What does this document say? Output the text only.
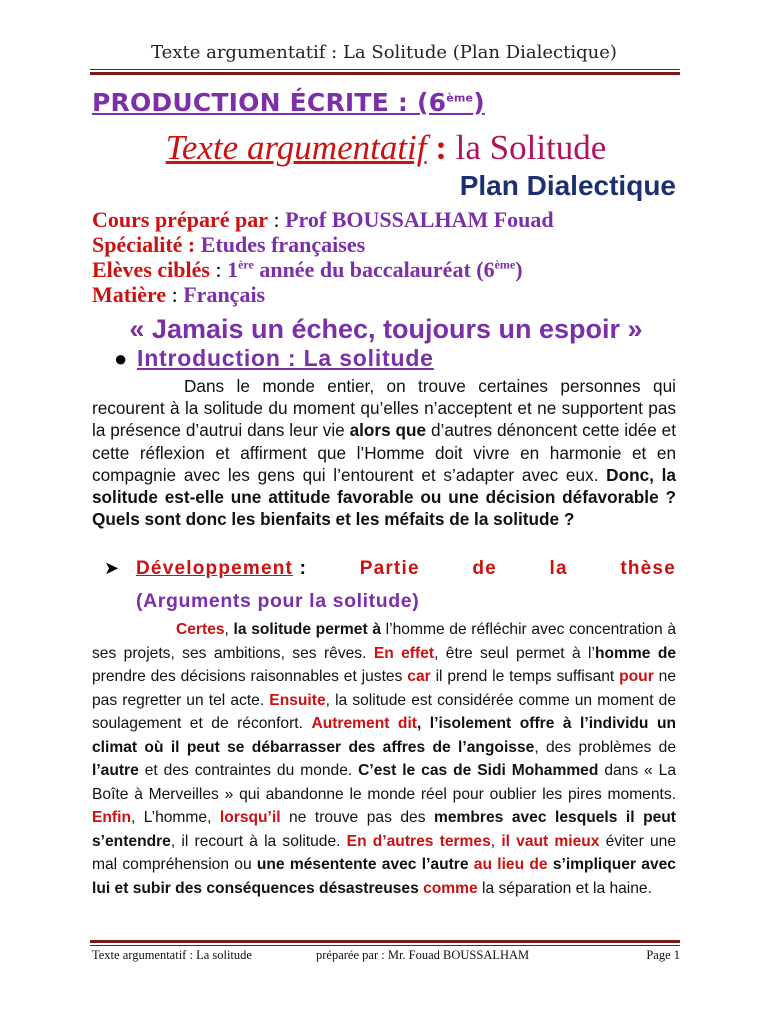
Texte argumentatif : La Solitude (Plan Dialectique)
PRODUCTION ÉCRITE : (6ème)
Texte argumentatif : la Solitude
Plan Dialectique
Cours préparé par : Prof BOUSSALHAM Fouad
Spécialité : Etudes françaises
Elèves ciblés : 1ère année du baccalauréat (6ème)
Matière : Français
« Jamais un échec, toujours un espoir »
● Introduction : La solitude
Dans le monde entier, on trouve certaines personnes qui recourent à la solitude du moment qu’elles n’acceptent et ne supportent pas la présence d’autrui dans leur vie alors que d’autres dénoncent cette idée et cette réflexion et affirment que l’Homme doit vivre en harmonie et en compagnie avec les gens qui l’entourent et s’adapter avec eux. Donc, la solitude est-elle une attitude favorable ou une décision défavorable ? Quels sont donc les bienfaits et les méfaits de la solitude ?
➤ Développement :	Partie	de	la	thèse
(Arguments pour la solitude)
Certes, la solitude permet à l’homme de réfléchir avec concentration à ses projets, ses ambitions, ses rêves. En effet, être seul permet à l’homme de prendre des décisions raisonnables et justes car il prend le temps suffisant pour ne pas regretter un tel acte. Ensuite, la solitude est considérée comme un moment de soulagement et de réconfort. Autrement dit, l’isolement offre à l’individu un climat où il peut se débarrasser des affres de l’angoisse, des problèmes de l’autre et des contraintes du monde. C’est le cas de Sidi Mohammed dans « La Boîte à Merveilles » qui abandonne le monde réel pour oublier les pires moments. Enfin, L’homme, lorsqu’il ne trouve pas des membres avec lesquels il peut s’entendre, il recourt à la solitude. En d’autres termes, il vaut mieux éviter une mal compréhension ou une mésentente avec l’autre au lieu de s’impliquer avec lui et subir des conséquences désastreuses comme la séparation et la haine.
Texte argumentatif : La solitude	préparée par : Mr. Fouad BOUSSALHAM	Page 1
